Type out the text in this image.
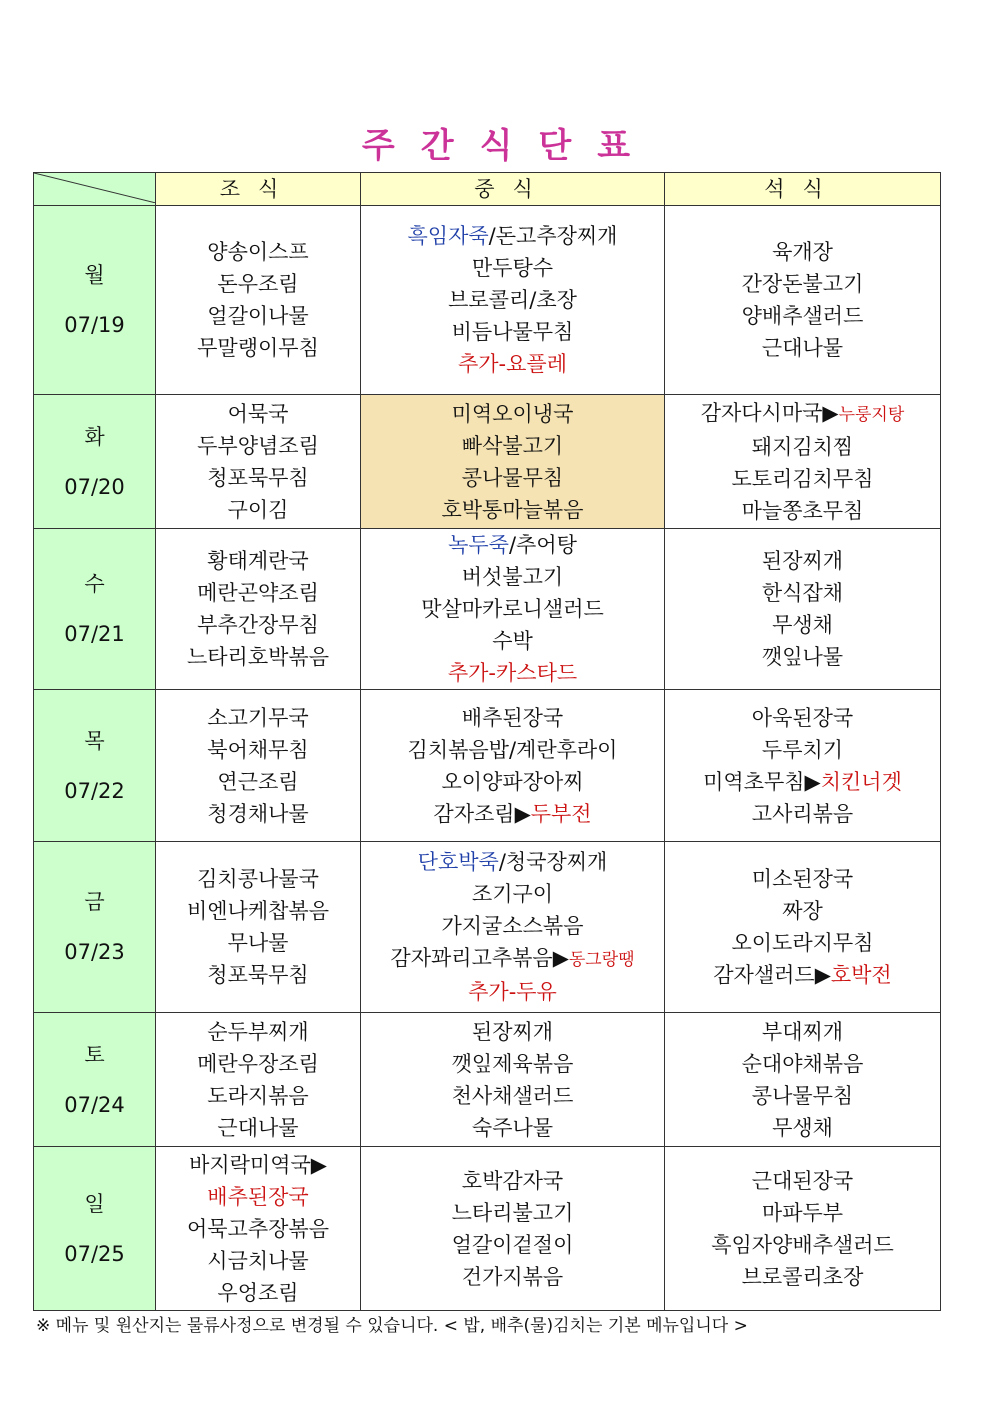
주간식단표
	조식	중식	석식

월
07/19	양송이스프
돈우조림
얼갈이나물
무말랭이무침	흑임자죽/돈고추장찌개
만두탕수
브로콜리/초장
비듬나물무침
추가-요플레	육개장
간장돈불고기
양배추샐러드
근대나물

화
07/20	어묵국
두부양념조림
청포묵무침
구이김	미역오이냉국
빠삭불고기
콩나물무침
호박통마늘볶음	감자다시마국▶누룽지탕
돼지김치찜
도토리김치무침
마늘쫑초무침

수
07/21	황태계란국
메란곤약조림
부추간장무침
느타리호박볶음	녹두죽/추어탕
버섯불고기
맛살마카로니샐러드
수박
추가-카스타드	된장찌개
한식잡채
무생채
깻잎나물

목
07/22	소고기무국
북어채무침
연근조림
청경채나물	배추된장국
김치볶음밥/계란후라이
오이양파장아찌
감자조림▶두부전	아욱된장국
두루치기
미역초무침▶치킨너겟
고사리볶음

금
07/23	김치콩나물국
비엔나케찹볶음
무나물
청포묵무침	단호박죽/청국장찌개
조기구이
가지굴소스볶음
감자꽈리고추볶음▶동그랑땡
추가-두유	미소된장국
짜장
오이도라지무침
감자샐러드▶호박전

토
07/24	순두부찌개
메란우장조림
도라지볶음
근대나물	된장찌개
깻잎제육볶음
천사채샐러드
숙주나물	부대찌개
순대야채볶음
콩나물무침
무생채

일
07/25	바지락미역국▶
배추된장국
어묵고추장볶음
시금치나물
우엉조림	호박감자국
느타리불고기
얼갈이겉절이
건가지볶음	근대된장국
마파두부
흑임자양배추샐러드
브로콜리초장
※ 메뉴 및 원산지는 물류사정으로 변경될 수 있습니다. < 밥, 배추(물)김치는 기본 메뉴입니다 >
